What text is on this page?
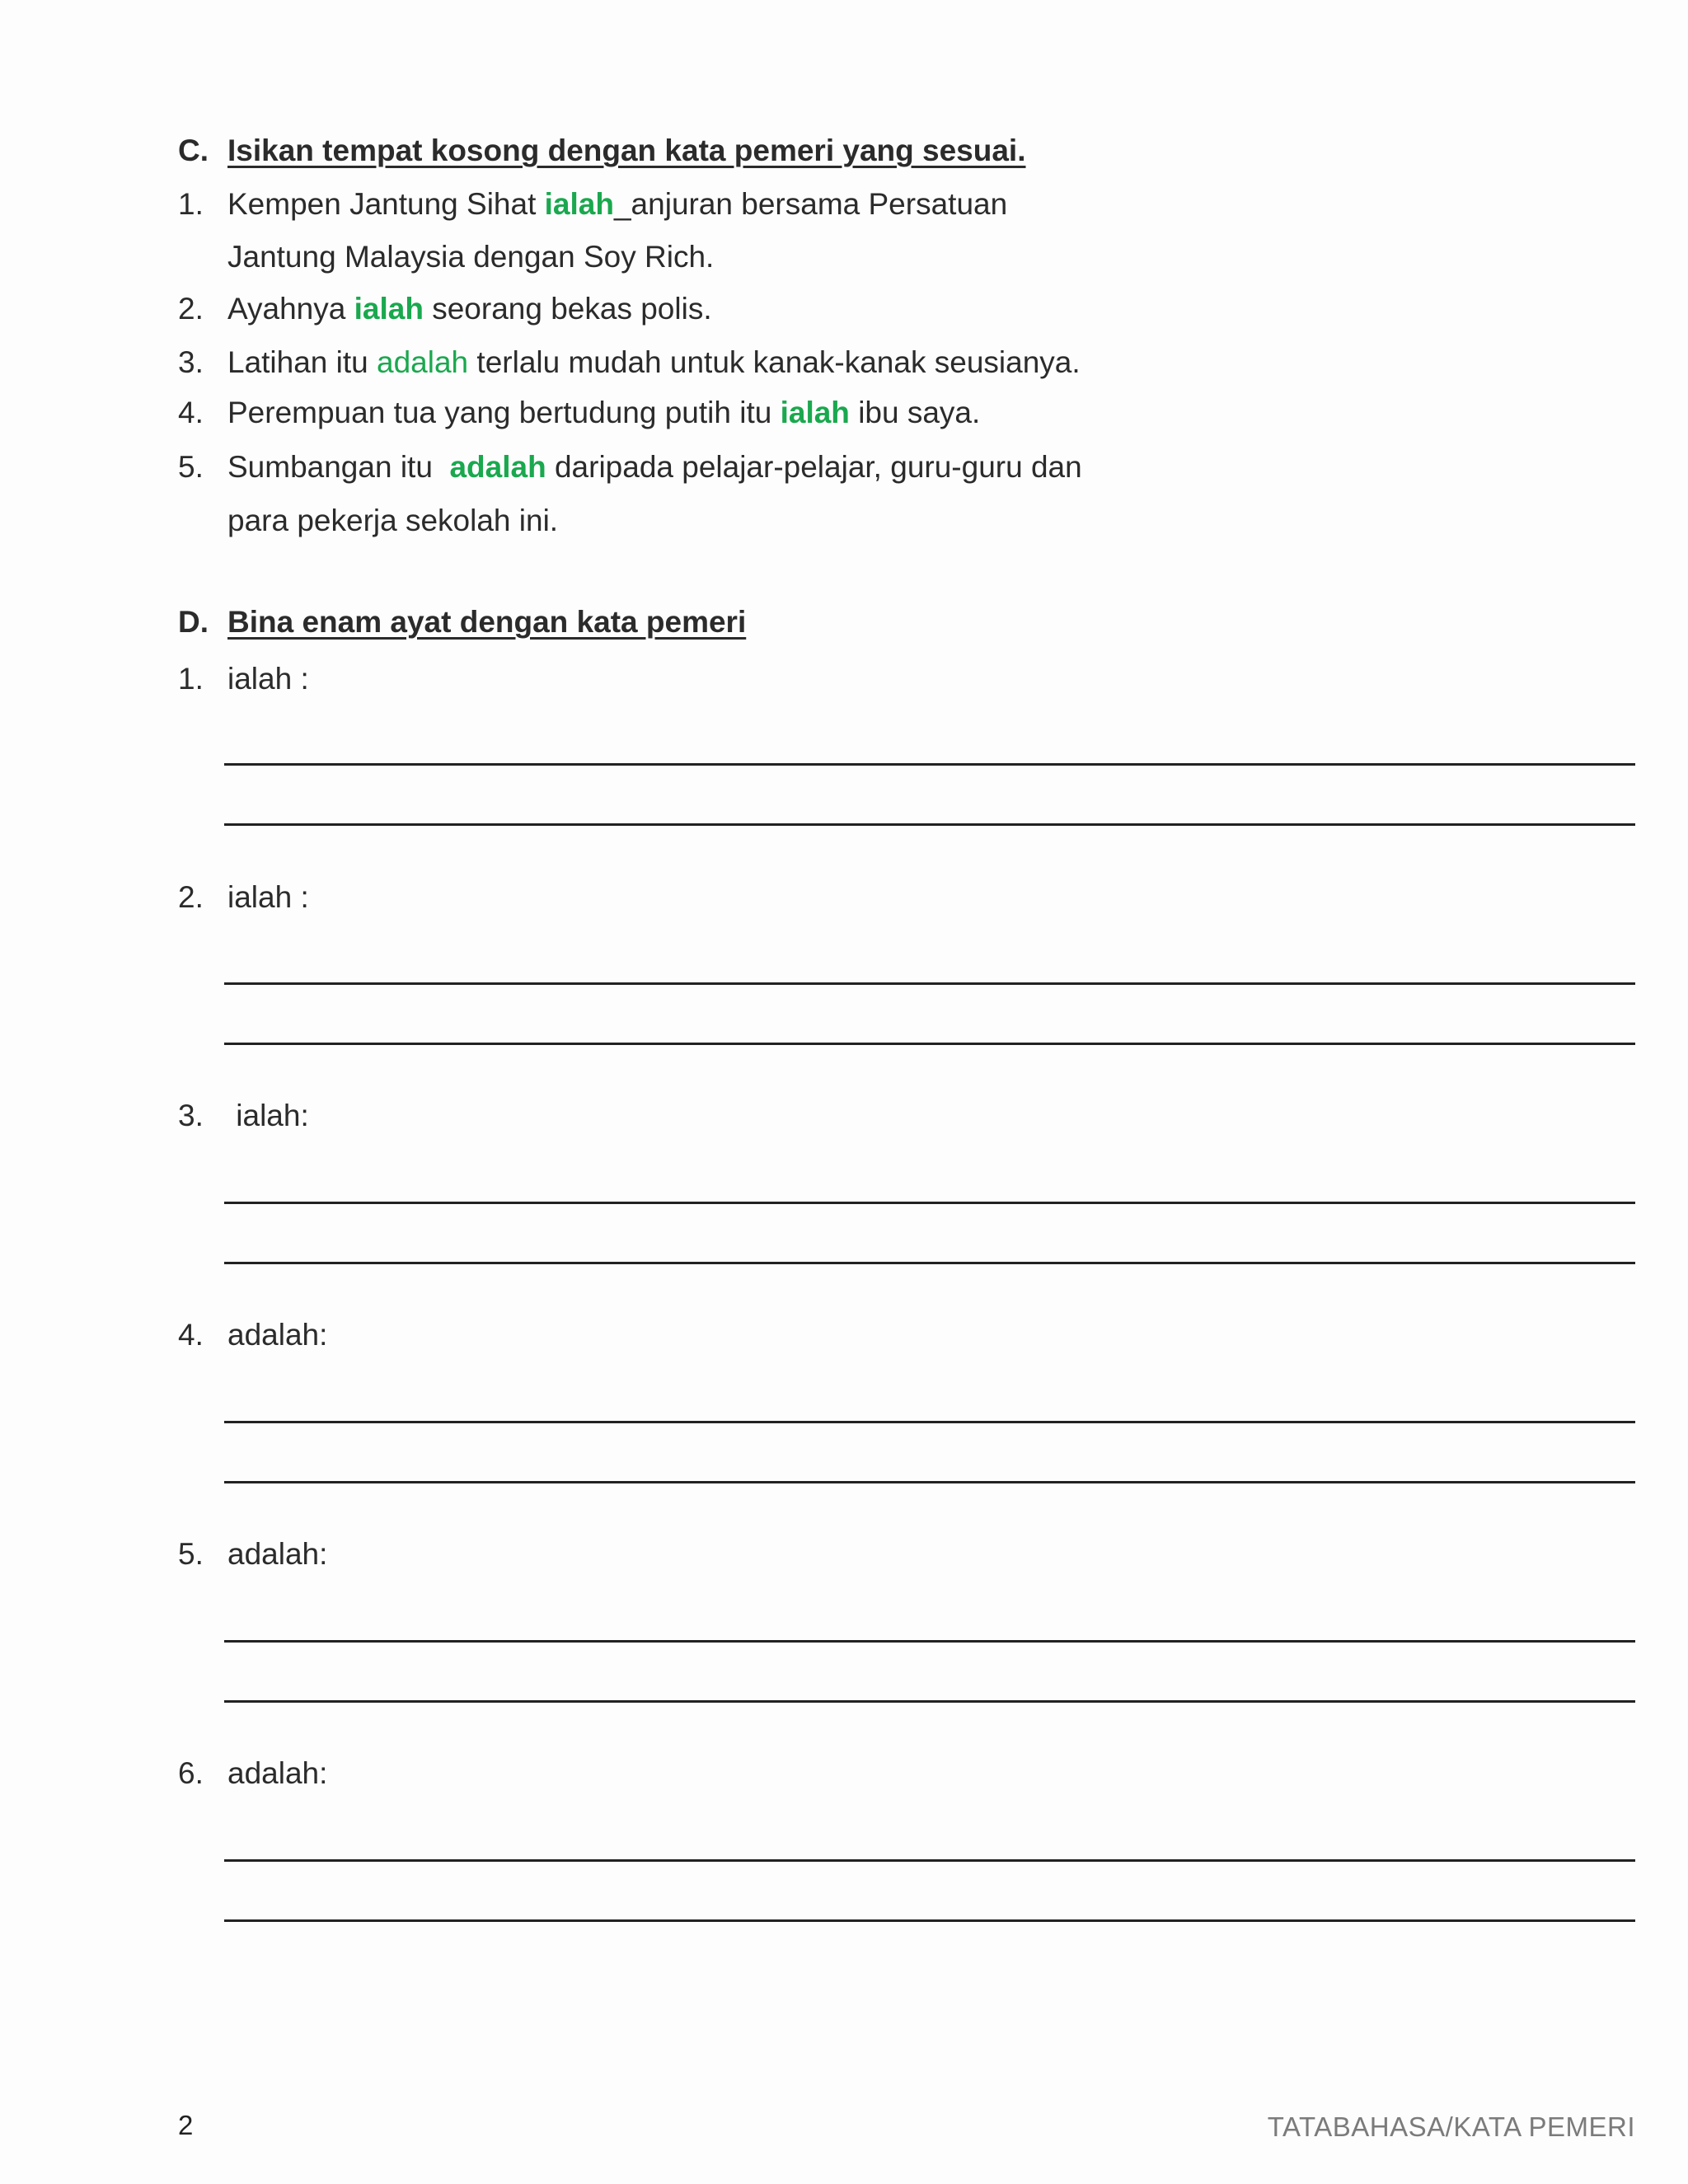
C. Isikan tempat kosong dengan kata pemeri yang sesuai.
1. Kempen Jantung Sihat ialah_anjuran bersama Persatuan
Jantung Malaysia dengan Soy Rich.
2. Ayahnya ialah seorang bekas polis.
3. Latihan itu adalah terlalu mudah untuk kanak-kanak seusianya.
4. Perempuan tua yang bertudung putih itu ialah ibu saya.
5. Sumbangan itu  adalah daripada pelajar-pelajar, guru-guru dan
para pekerja sekolah ini.
D. Bina enam ayat dengan kata pemeri
1. ialah :
2. ialah :
3. ialah:
4. adalah:
5. adalah:
6. adalah:
2	TATABAHASA/KATA PEMERI
